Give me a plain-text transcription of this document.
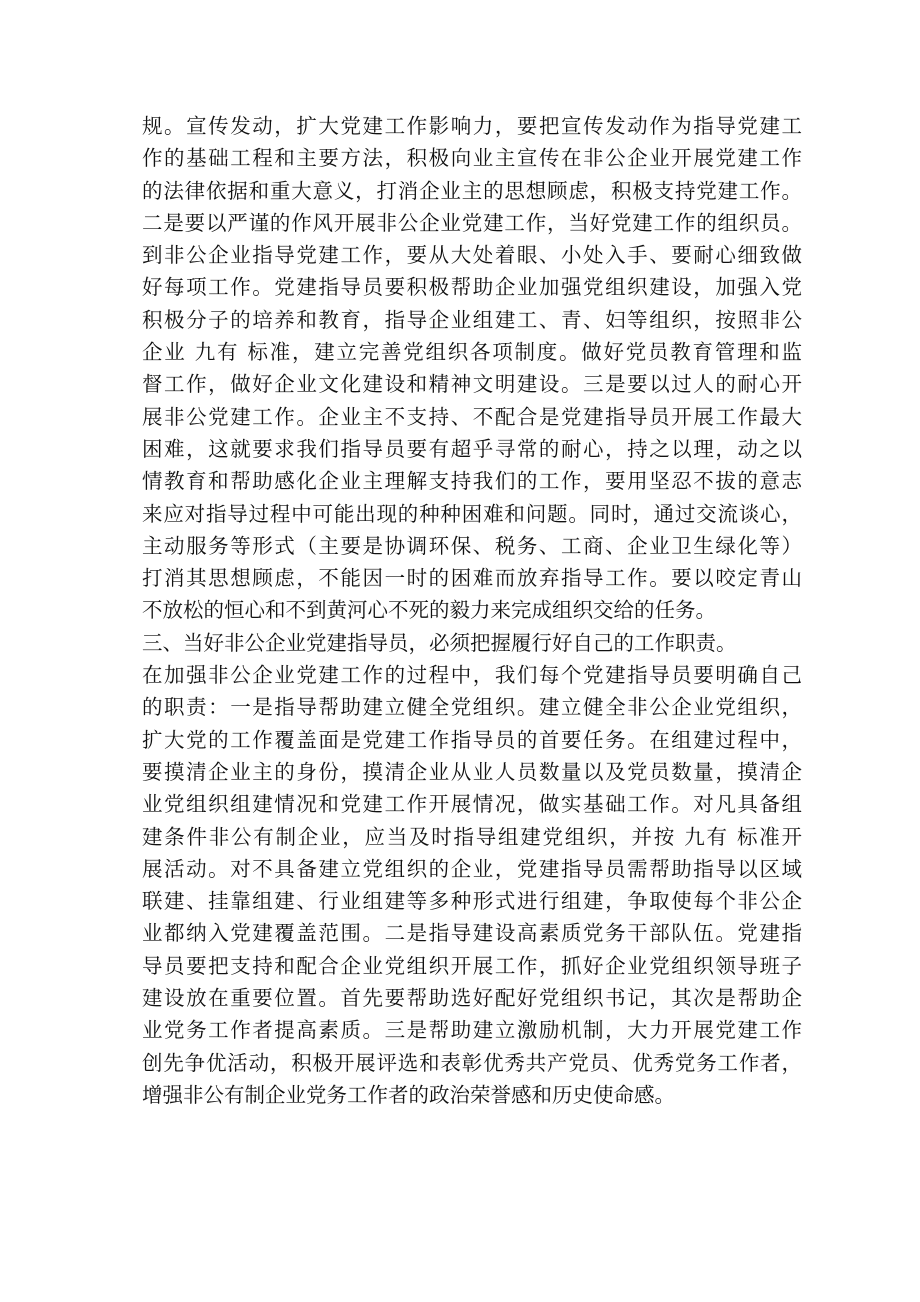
规。宣传发动，扩大党建工作影响力，要把宣传发动作为指导党建工
作的基础工程和主要方法，积极向业主宣传在非公企业开展党建工作
的法律依据和重大意义，打消企业主的思想顾虑，积极支持党建工作。
二是要以严谨的作风开展非公企业党建工作，当好党建工作的组织员。
到非公企业指导党建工作，要从大处着眼、小处入手、要耐心细致做
好每项工作。党建指导员要积极帮助企业加强党组织建设，加强入党
积极分子的培养和教育，指导企业组建工、青、妇等组织，按照非公
企业 九有 标准，建立完善党组织各项制度。做好党员教育管理和监
督工作，做好企业文化建设和精神文明建设。三是要以过人的耐心开
展非公党建工作。企业主不支持、不配合是党建指导员开展工作最大
困难，这就要求我们指导员要有超乎寻常的耐心，持之以理，动之以
情教育和帮助感化企业主理解支持我们的工作，要用坚忍不拔的意志
来应对指导过程中可能出现的种种困难和问题。同时，通过交流谈心，
主动服务等形式（主要是协调环保、税务、工商、企业卫生绿化等）
打消其思想顾虑，不能因一时的困难而放弃指导工作。要以咬定青山
不放松的恒心和不到黄河心不死的毅力来完成组织交给的任务。
三、当好非公企业党建指导员，必须把握履行好自己的工作职责。
在加强非公企业党建工作的过程中，我们每个党建指导员要明确自己
的职责：一是指导帮助建立健全党组织。建立健全非公企业党组织，
扩大党的工作覆盖面是党建工作指导员的首要任务。在组建过程中，
要摸清企业主的身份，摸清企业从业人员数量以及党员数量，摸清企
业党组织组建情况和党建工作开展情况，做实基础工作。对凡具备组
建条件非公有制企业，应当及时指导组建党组织，并按 九有 标准开
展活动。对不具备建立党组织的企业，党建指导员需帮助指导以区域
联建、挂靠组建、行业组建等多种形式进行组建，争取使每个非公企
业都纳入党建覆盖范围。二是指导建设高素质党务干部队伍。党建指
导员要把支持和配合企业党组织开展工作，抓好企业党组织领导班子
建设放在重要位置。首先要帮助选好配好党组织书记，其次是帮助企
业党务工作者提高素质。三是帮助建立激励机制，大力开展党建工作
创先争优活动，积极开展评选和表彰优秀共产党员、优秀党务工作者，
增强非公有制企业党务工作者的政治荣誉感和历史使命感。
